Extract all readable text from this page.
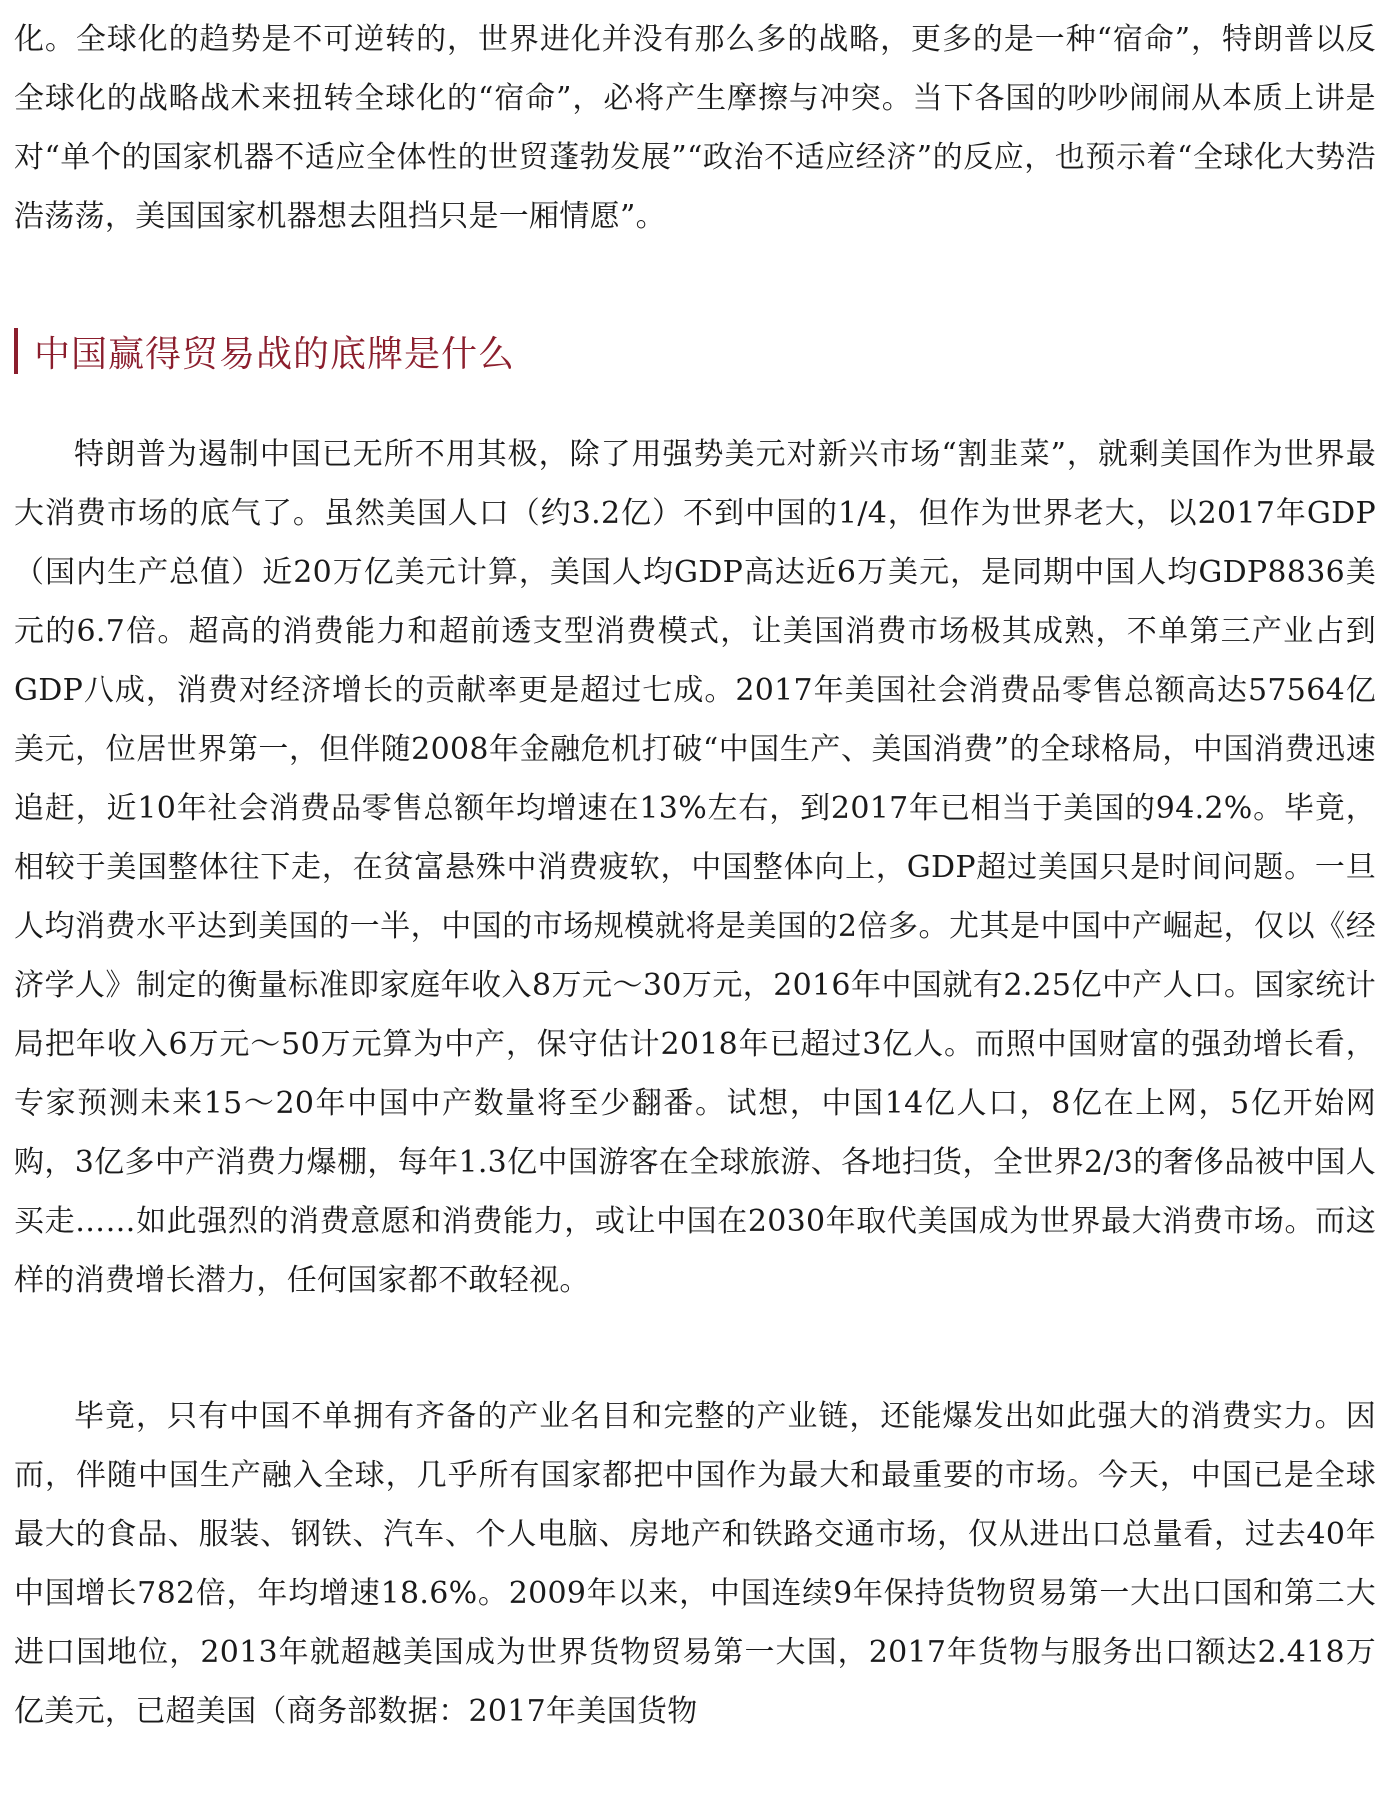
化。全球化的趋势是不可逆转的，世界进化并没有那么多的战略，更多的是一种“宿命”，特朗普以反全球化的战略战术来扭转全球化的“宿命”，必将产生摩擦与冲突。当下各国的吵吵闹闹从本质上讲是对“单个的国家机器不适应全体性的世贸蓬勃发展”“政治不适应经济”的反应，也预示着“全球化大势浩浩荡荡，美国国家机器想去阻挡只是一厢情愿”。

中国赢得贸易战的底牌是什么

特朗普为遏制中国已无所不用其极，除了用强势美元对新兴市场“割韭菜”，就剩美国作为世界最大消费市场的底气了。虽然美国人口（约3.2亿）不到中国的1/4，但作为世界老大，以2017年GDP（国内生产总值）近20万亿美元计算，美国人均GDP高达近6万美元，是同期中国人均GDP8836美元的6.7倍。超高的消费能力和超前透支型消费模式，让美国消费市场极其成熟，不单第三产业占到GDP八成，消费对经济增长的贡献率更是超过七成。2017年美国社会消费品零售总额高达57564亿美元，位居世界第一，但伴随2008年金融危机打破“中国生产、美国消费”的全球格局，中国消费迅速追赶，近10年社会消费品零售总额年均增速在13%左右，到2017年已相当于美国的94.2%。毕竟，相较于美国整体往下走，在贫富悬殊中消费疲软，中国整体向上，GDP超过美国只是时间问题。一旦人均消费水平达到美国的一半，中国的市场规模就将是美国的2倍多。尤其是中国中产崛起，仅以《经济学人》制定的衡量标准即家庭年收入8万元～30万元，2016年中国就有2.25亿中产人口。国家统计局把年收入6万元～50万元算为中产，保守估计2018年已超过3亿人。而照中国财富的强劲增长看，专家预测未来15～20年中国中产数量将至少翻番。试想，中国14亿人口，8亿在上网，5亿开始网购，3亿多中产消费力爆棚，每年1.3亿中国游客在全球旅游、各地扫货，全世界2/3的奢侈品被中国人买走……如此强烈的消费意愿和消费能力，或让中国在2030年取代美国成为世界最大消费市场。而这样的消费增长潜力，任何国家都不敢轻视。

毕竟，只有中国不单拥有齐备的产业名目和完整的产业链，还能爆发出如此强大的消费实力。因而，伴随中国生产融入全球，几乎所有国家都把中国作为最大和最重要的市场。今天，中国已是全球最大的食品、服装、钢铁、汽车、个人电脑、房地产和铁路交通市场，仅从进出口总量看，过去40年中国增长782倍，年均增速18.6%。2009年以来，中国连续9年保持货物贸易第一大出口国和第二大进口国地位，2013年就超越美国成为世界货物贸易第一大国，2017年货物与服务出口额达2.418万亿美元，已超美国（商务部数据：2017年美国货物
